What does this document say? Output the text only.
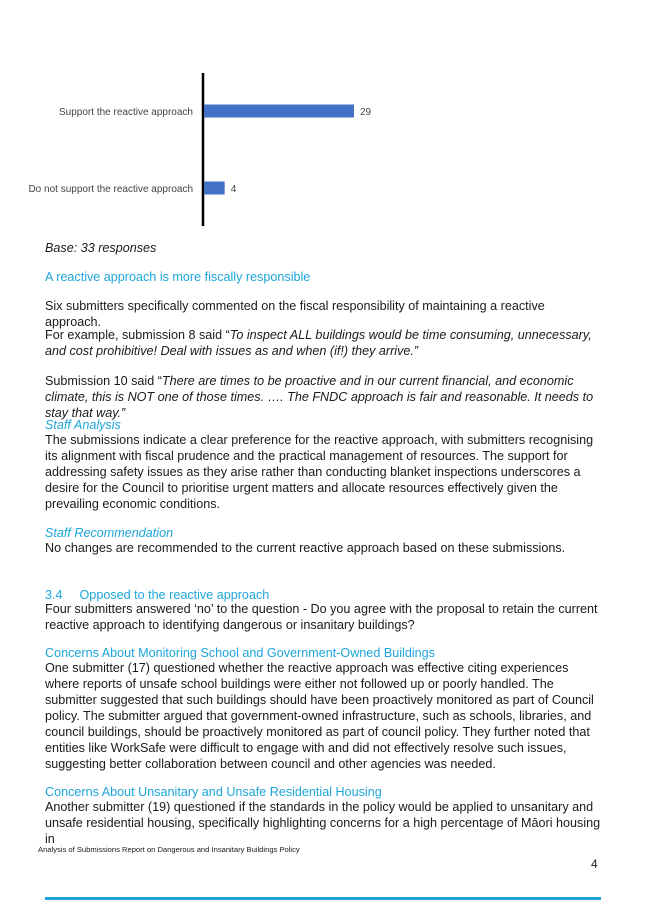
29
Support the reactive approach
4
Do not support the reactive approach

Base: 33 responses

A reactive approach is more fiscally responsible

Six submitters specifically commented on the fiscal responsibility of maintaining a reactive approach.

For example, submission 8 said “To inspect ALL buildings would be time consuming, unnecessary, and cost prohibitive! Deal with issues as and when (if!) they arrive.”

Submission 10 said “There are times to be proactive and in our current financial, and economic climate, this is NOT one of those times. …. The FNDC approach is fair and reasonable. It needs to stay that way.”

Staff Analysis

The submissions indicate a clear preference for the reactive approach, with submitters recognising its alignment with fiscal prudence and the practical management of resources. The support for addressing safety issues as they arise rather than conducting blanket inspections underscores a desire for the Council to prioritise urgent matters and allocate resources effectively given the prevailing economic conditions.

Staff Recommendation

No changes are recommended to the current reactive approach based on these submissions.

3.4 Opposed to the reactive approach

Four submitters answered ‘no’ to the question - Do you agree with the proposal to retain the current reactive approach to identifying dangerous or insanitary buildings?

Concerns About Monitoring School and Government-Owned Buildings

One submitter (17) questioned whether the reactive approach was effective citing experiences where reports of unsafe school buildings were either not followed up or poorly handled. The submitter suggested that such buildings should have been proactively monitored as part of Council policy. The submitter argued that government-owned infrastructure, such as schools, libraries, and council buildings, should be proactively monitored as part of council policy. They further noted that entities like WorkSafe were difficult to engage with and did not effectively resolve such issues, suggesting better collaboration between council and other agencies was needed.

Concerns About Unsanitary and Unsafe Residential Housing

Another submitter (19) questioned if the standards in the policy would be applied to unsanitary and unsafe residential housing, specifically highlighting concerns for a high percentage of Māori housing in

Analysis of Submissions Report on Dangerous and Insanitary Buildings Policy
4
